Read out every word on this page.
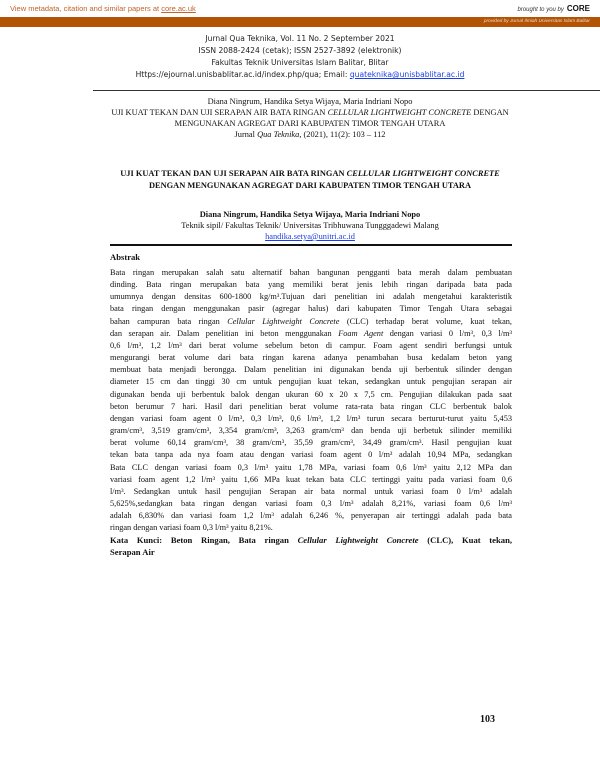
View metadata, citation and similar papers at core.ac.uk	brought to you by CORE
provided by Jurnal Ilmiah Universitas Islam Balitar
Jurnal Qua Teknika, Vol. 11 No. 2 September 2021
ISSN 2088-2424 (cetak); ISSN 2527-3892 (elektronik)
Fakultas Teknik Universitas Islam Balitar, Blitar
Https://ejournal.unisbablitar.ac.id/index.php/qua; Email: quateknika@unisbablitar.ac.id
Diana Ningrum, Handika Setya Wijaya, Maria Indriani Nopo
UJI KUAT TEKAN DAN UJI SERAPAN AIR BATA RINGAN CELLULAR LIGHTWEIGHT CONCRETE DENGAN MENGUNAKAN AGREGAT DARI KABUPATEN TIMOR TENGAH UTARA
Jurnal Qua Teknika, (2021), 11(2): 103 – 112
UJI KUAT TEKAN DAN UJI SERAPAN AIR BATA RINGAN CELLULAR LIGHTWEIGHT CONCRETE DENGAN MENGUNAKAN AGREGAT DARI KABUPATEN TIMOR TENGAH UTARA
Diana Ningrum, Handika Setya Wijaya, Maria Indriani Nopo
Teknik sipil/ Fakultas Teknik/ Universitas Tribhuwana Tungggadewi Malang
handika.setya@unitri.ac.id
Abstrak
Bata ringan merupakan salah satu alternatif bahan bangunan pengganti bata merah dalam pembuatan
dinding. Bata ringan merupakan bata yang memiliki berat jenis lebih ringan daripada bata pada
umumnya dengan densitas 600-1800 kg/m³.Tujuan dari penelitian ini adalah mengetahui karakteristik
bata ringan dengan menggunakan pasir (agregar halus) dari kabupaten Timor Tengah Utara sebagai
bahan campuran bata ringan Cellular Lightweight Concrete (CLC) terhadap berat volume, kuat tekan,
dan serapan air. Dalam penelitian ini beton menggunakan Foam Agent dengan variasi 0 l/m³, 0,3 l/m³
0,6 l/m³, 1,2 l/m³ dari berat volume sebelum beton di campur. Foam agent sendiri berfungsi untuk
mengurangi berat volume dari bata ringan karena adanya penambahan busa kedalam beton yang
membuat bata menjadi berongga. Dalam penelitian ini digunakan benda uji berbentuk silinder dengan
diameter 15 cm dan tinggi 30 cm untuk pengujian kuat tekan, sedangkan untuk pengujian serapan air
digunakan benda uji berbentuk balok dengan ukuran 60 x 20 x 7,5 cm. Pengujian dilakukan pada saat
beton berumur 7 hari. Hasil dari penelitian berat volume rata-rata bata ringan CLC berbentuk balok
dengan variasi foam agent 0 l/m³, 0,3 l/m³, 0,6 l/m³, 1,2 l/m³ turun secara berturut-turut yaitu 5,453
gram/cm³, 3,519 gram/cm³, 3,354 gram/cm³, 3,263 gram/cm³ dan benda uji berbetuk silinder memiliki
berat volume 60,14 gram/cm³, 38 gram/cm³, 35,59 gram/cm³, 34,49 gram/cm³. Hasil pengujian kuat
tekan bata tanpa ada nya foam atau dengan variasi foam agent 0 l/m³ adalah 10,94 MPa, sedangkan
Bata CLC dengan variasi foam 0,3 l/m³ yaitu 1,78 MPa, variasi foam 0,6 l/m³ yaitu 2,12 MPa dan
variasi foam agent 1,2 l/m³ yaitu 1,66 MPa kuat tekan bata CLC tertinggi yaitu pada variasi foam 0,6
l/m³. Sedangkan untuk hasil pengujian Serapan air bata normal untuk variasi foam 0 l/m³ adalah
5,625%,sedangkan bata ringan dengan variasi foam 0,3 l/m³ adalah 8,21%, variasi foam 0,6 l/m³
adalah 6,830% dan variasi foam 1,2 l/m³ adalah 6,246 %, penyerapan air tertinggi adalah pada bata
ringan dengan variasi foam 0,3 l/m³ yaitu 8,21%.
Kata Kunci: Beton Ringan, Bata ringan Cellular Lightweight Concrete (CLC), Kuat tekan,
Serapan Air
103
